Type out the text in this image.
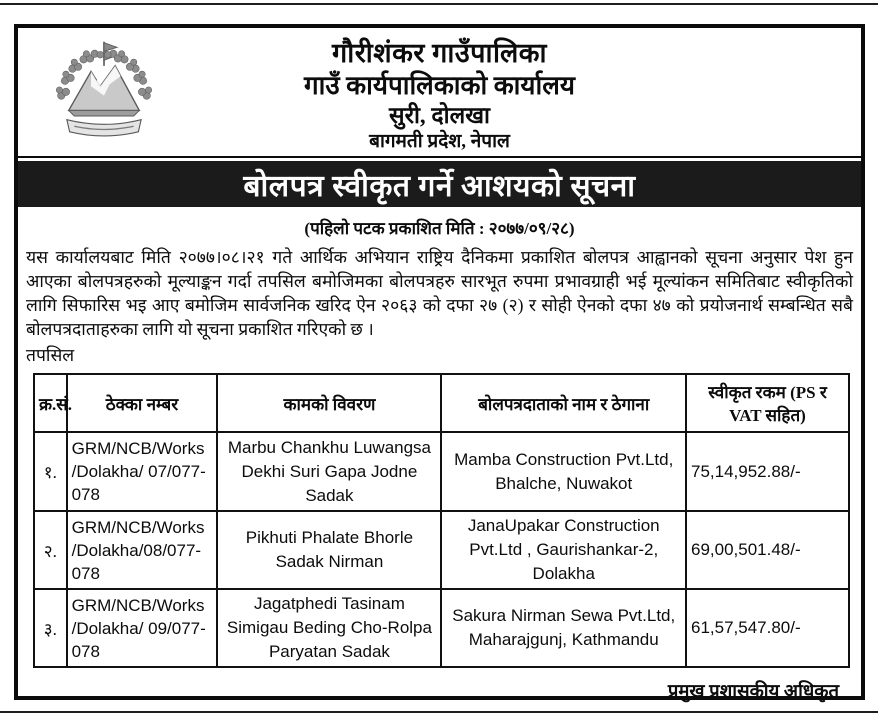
गौरीशंकर गाउँपालिका
गाउँ कार्यपालिकाको कार्यालय
सुरी, दोलखा
बागमती प्रदेश, नेपाल
बोलपत्र स्वीकृत गर्ने आशयको सूचना
(पहिलो पटक प्रकाशित मिति : २०७७/०९/२८)
यस कार्यालयबाट मिति २०७७।०८।२१ गते आर्थिक अभियान राष्ट्रिय दैनिकमा प्रकाशित बोलपत्र आह्वानको सूचना अनुसार पेश हुन आएका बोलपत्रहरुको मूल्याङ्कन गर्दा तपसिल बमोजिमका बोलपत्रहरु सारभूत रुपमा प्रभावग्राही भई मूल्यांकन समितिबाट स्वीकृतिको लागि सिफारिस भइ आए बमोजिम सार्वजनिक खरिद ऐन २०६३ को दफा २७ (२) र सोही ऐनको दफा ४७ को प्रयोजनार्थ सम्बन्धित सबै बोलपत्रदाताहरुका लागि यो सूचना प्रकाशित गरिएको छ ।
तपसिल
क्र.सं.	ठेक्का नम्बर	कामको विवरण	बोलपत्रदाताको नाम र ठेगाना	स्वीकृत रकम (PS र VAT सहित)
१.	GRM/NCB/Works /Dolakha/ 07/077-078	Marbu Chankhu Luwangsa Dekhi Suri Gapa Jodne Sadak	Mamba Construction Pvt.Ltd, Bhalche, Nuwakot	75,14,952.88/-
२.	GRM/NCB/Works /Dolakha/08/077-078	Pikhuti Phalate Bhorle Sadak Nirman	JanaUpakar Construction Pvt.Ltd , Gaurishankar-2, Dolakha	69,00,501.48/-
३.	GRM/NCB/Works /Dolakha/ 09/077-078	Jagatphedi Tasinam Simigau Beding Cho-Rolpa Paryatan Sadak	Sakura Nirman Sewa Pvt.Ltd, Maharajgunj, Kathmandu	61,57,547.80/-
प्रमुख प्रशासकीय अधिकृत
